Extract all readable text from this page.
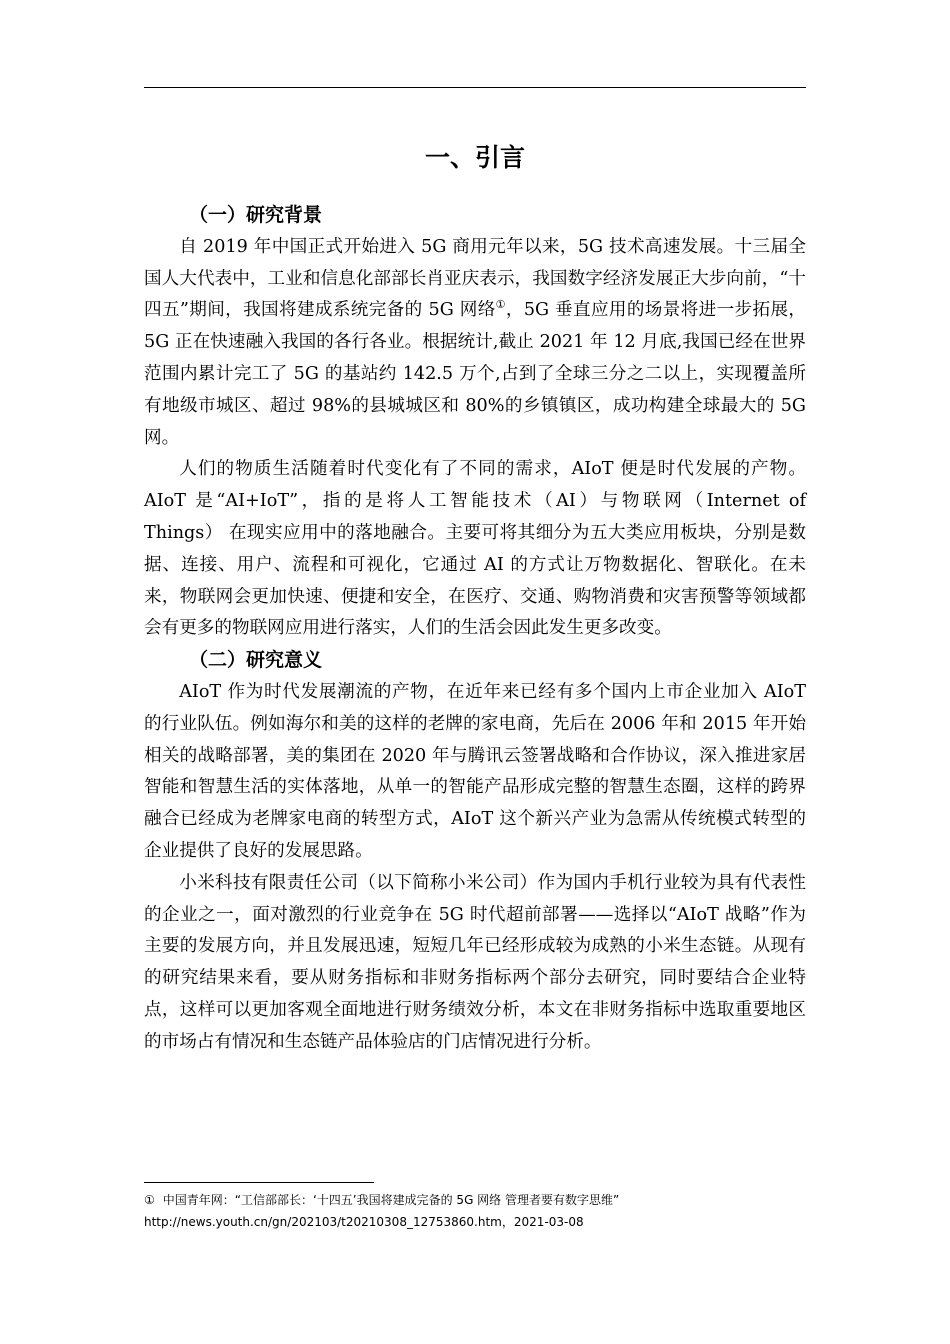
一、引言
（一）研究背景

自 2019 年中国正式开始进入 5G 商用元年以来，5G 技术高速发展。十三届全国人大代表中，工业和信息化部部长肖亚庆表示，我国数字经济发展正大步向前，“十四五”期间，我国将建成系统完备的 5G 网络①，5G 垂直应用的场景将进一步拓展，5G 正在快速融入我国的各行各业。根据统计,截止 2021 年 12 月底,我国已经在世界范围内累计完工了 5G 的基站约 142.5 万个,占到了全球三分之二以上，实现覆盖所有地级市城区、超过 98%的县城城区和 80%的乡镇镇区，成功构建全球最大的 5G 网。

人们的物质生活随着时代变化有了不同的需求，AIoT 便是时代发展的产物。AIoT 是“AI+IoT”，指的是将人工智能技术（AI）与物联网（Internet of Things） 在现实应用中的落地融合。主要可将其细分为五大类应用板块，分别是数据、连接、用户、流程和可视化，它通过 AI 的方式让万物数据化、智联化。在未来，物联网会更加快速、便捷和安全，在医疗、交通、购物消费和灾害预警等领域都会有更多的物联网应用进行落实，人们的生活会因此发生更多改变。

（二）研究意义

AIoT 作为时代发展潮流的产物，在近年来已经有多个国内上市企业加入 AIoT 的行业队伍。例如海尔和美的这样的老牌的家电商，先后在 2006 年和 2015 年开始相关的战略部署，美的集团在 2020 年与腾讯云签署战略和合作协议，深入推进家居智能和智慧生活的实体落地，从单一的智能产品形成完整的智慧生态圈，这样的跨界融合已经成为老牌家电商的转型方式，AIoT 这个新兴产业为急需从传统模式转型的企业提供了良好的发展思路。

小米科技有限责任公司（以下简称小米公司）作为国内手机行业较为具有代表性的企业之一，面对激烈的行业竞争在 5G 时代超前部署——选择以“AIoT 战略”作为主要的发展方向，并且发展迅速，短短几年已经形成较为成熟的小米生态链。从现有的研究结果来看，要从财务指标和非财务指标两个部分去研究，同时要结合企业特点，这样可以更加客观全面地进行财务绩效分析，本文在非财务指标中选取重要地区的市场占有情况和生态链产品体验店的门店情况进行分析。

① 中国青年网：“工信部部长：‘十四五’我国将建成完备的 5G 网络 管理者要有数字思维”

http://news.youth.cn/gn/202103/t20210308_12753860.htm，2021-03-08
